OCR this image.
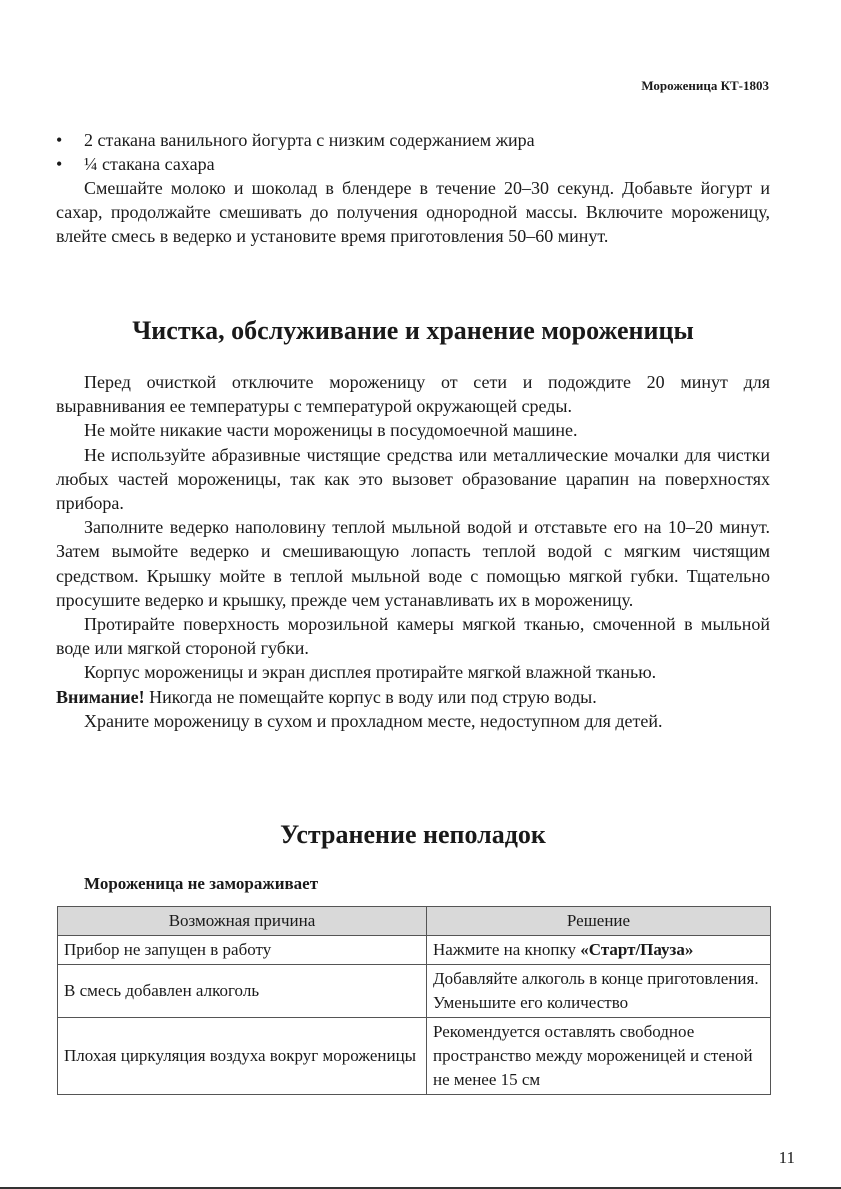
Мороженица КТ-1803
• 2 стакана ванильного йогурта с низким содержанием жира
• ¼ стакана сахара

Смешайте молоко и шоколад в блендере в течение 20–30 секунд. Добавьте йогурт и сахар, продолжайте смешивать до получения однородной массы. Включите мороженицу, влейте смесь в ведерко и установите время приготовления 50–60 минут.

Чистка, обслуживание и хранение мороженицы

Перед очисткой отключите мороженицу от сети и подождите 20 минут для выравнивания ее температуры с температурой окружающей среды.

Не мойте никакие части мороженицы в посудомоечной машине.

Не используйте абразивные чистящие средства или металлические мочалки для чистки любых частей мороженицы, так как это вызовет образование царапин на поверхностях прибора.

Заполните ведерко наполовину теплой мыльной водой и отставьте его на 10–20 минут. Затем вымойте ведерко и смешивающую лопасть теплой водой с мягким чистящим средством. Крышку мойте в теплой мыльной воде с помощью мягкой губки. Тщательно просушите ведерко и крышку, прежде чем устанавливать их в мороженицу.

Протирайте поверхность морозильной камеры мягкой тканью, смоченной в мыльной воде или мягкой стороной губки.

Корпус мороженицы и экран дисплея протирайте мягкой влажной тканью.

Внимание! Никогда не помещайте корпус в воду или под струю воды.

Храните мороженицу в сухом и прохладном месте, недоступном для детей.

Устранение неполадок
Мороженица не замораживает
Возможная причина	Решение
Прибор не запущен в работу	Нажмите на кнопку «Старт/Пауза»
В смесь добавлен алкоголь	Добавляйте алкоголь в конце приготовления. Уменьшите его количество
Плохая циркуляция воздуха вокруг мороженицы	Рекомендуется оставлять свободное пространство между мороженицей и стеной не менее 15 см
11
